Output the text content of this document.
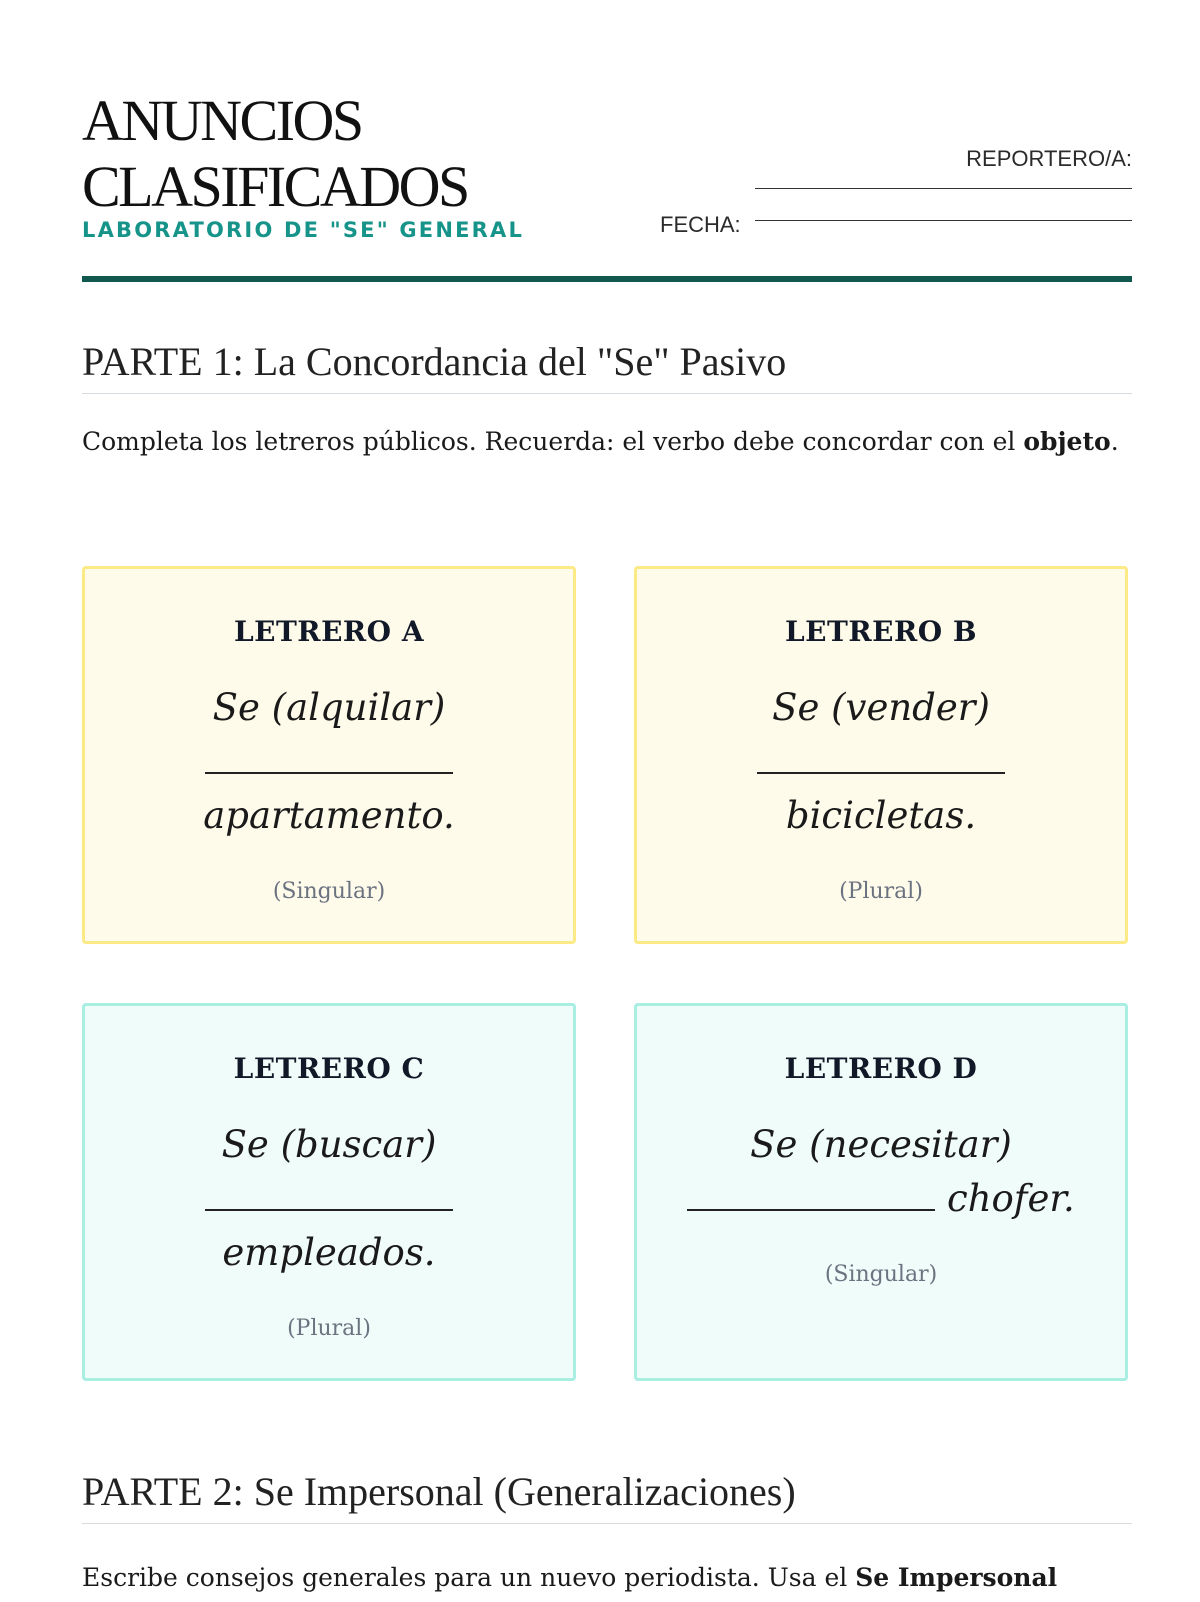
ANUNCIOS
CLASIFICADOS
LABORATORIO DE "SE" GENERAL
REPORTERO/A:
FECHA:
PARTE 1: La Concordancia del "Se" Pasivo

Completa los letreros públicos. Recuerda: el verbo debe concordar con el objeto.

LETRERO A
Se (alquilar)

apartamento.
(Singular)
LETRERO B
Se (vender)

bicicletas.
(Plural)
LETRERO C
Se (buscar)

empleados.
(Plural)
LETRERO D
Se (necesitar)
chofer.
(Singular)
PARTE 2: Se Impersonal (Generalizaciones)

Escribe consejos generales para un nuevo periodista. Usa el Se Impersonal
